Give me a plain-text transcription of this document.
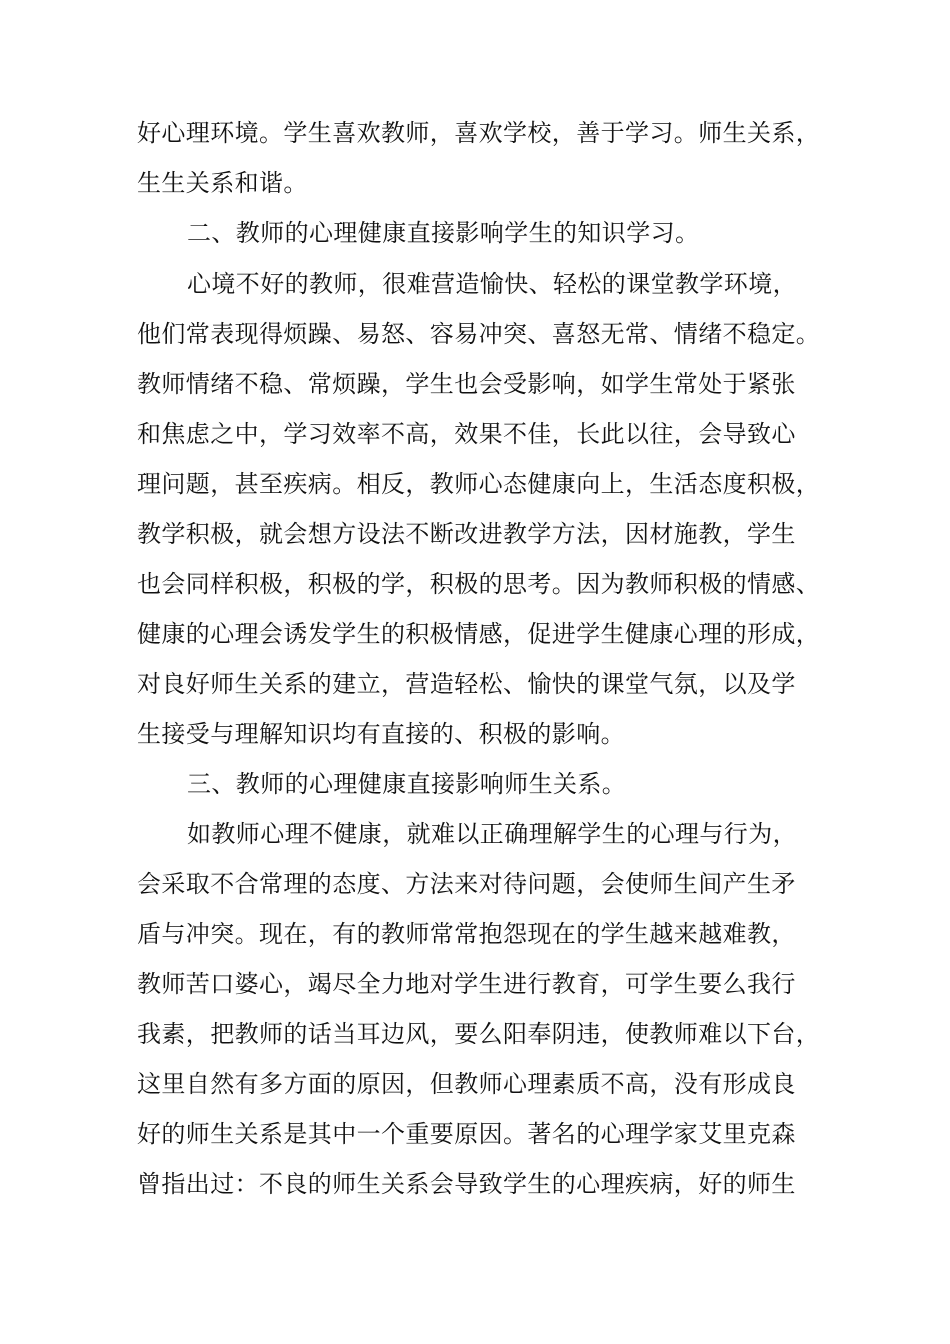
好心理环境。学生喜欢教师，喜欢学校，善于学习。师生关系，
生生关系和谐。
二、教师的心理健康直接影响学生的知识学习。
心境不好的教师，很难营造愉快、轻松的课堂教学环境，
他们常表现得烦躁、易怒、容易冲突、喜怒无常、情绪不稳定。
教师情绪不稳、常烦躁，学生也会受影响，如学生常处于紧张
和焦虑之中，学习效率不高，效果不佳，长此以往，会导致心
理问题，甚至疾病。相反，教师心态健康向上，生活态度积极，
教学积极，就会想方设法不断改进教学方法，因材施教，学生
也会同样积极，积极的学，积极的思考。因为教师积极的情感、
健康的心理会诱发学生的积极情感，促进学生健康心理的形成，
对良好师生关系的建立，营造轻松、愉快的课堂气氛，以及学
生接受与理解知识均有直接的、积极的影响。
三、教师的心理健康直接影响师生关系。
如教师心理不健康，就难以正确理解学生的心理与行为，
会采取不合常理的态度、方法来对待问题，会使师生间产生矛
盾与冲突。现在，有的教师常常抱怨现在的学生越来越难教，
教师苦口婆心，竭尽全力地对学生进行教育，可学生要么我行
我素，把教师的话当耳边风，要么阳奉阴违，使教师难以下台，
这里自然有多方面的原因，但教师心理素质不高，没有形成良
好的师生关系是其中一个重要原因。著名的心理学家艾里克森
曾指出过：不良的师生关系会导致学生的心理疾病，好的师生
